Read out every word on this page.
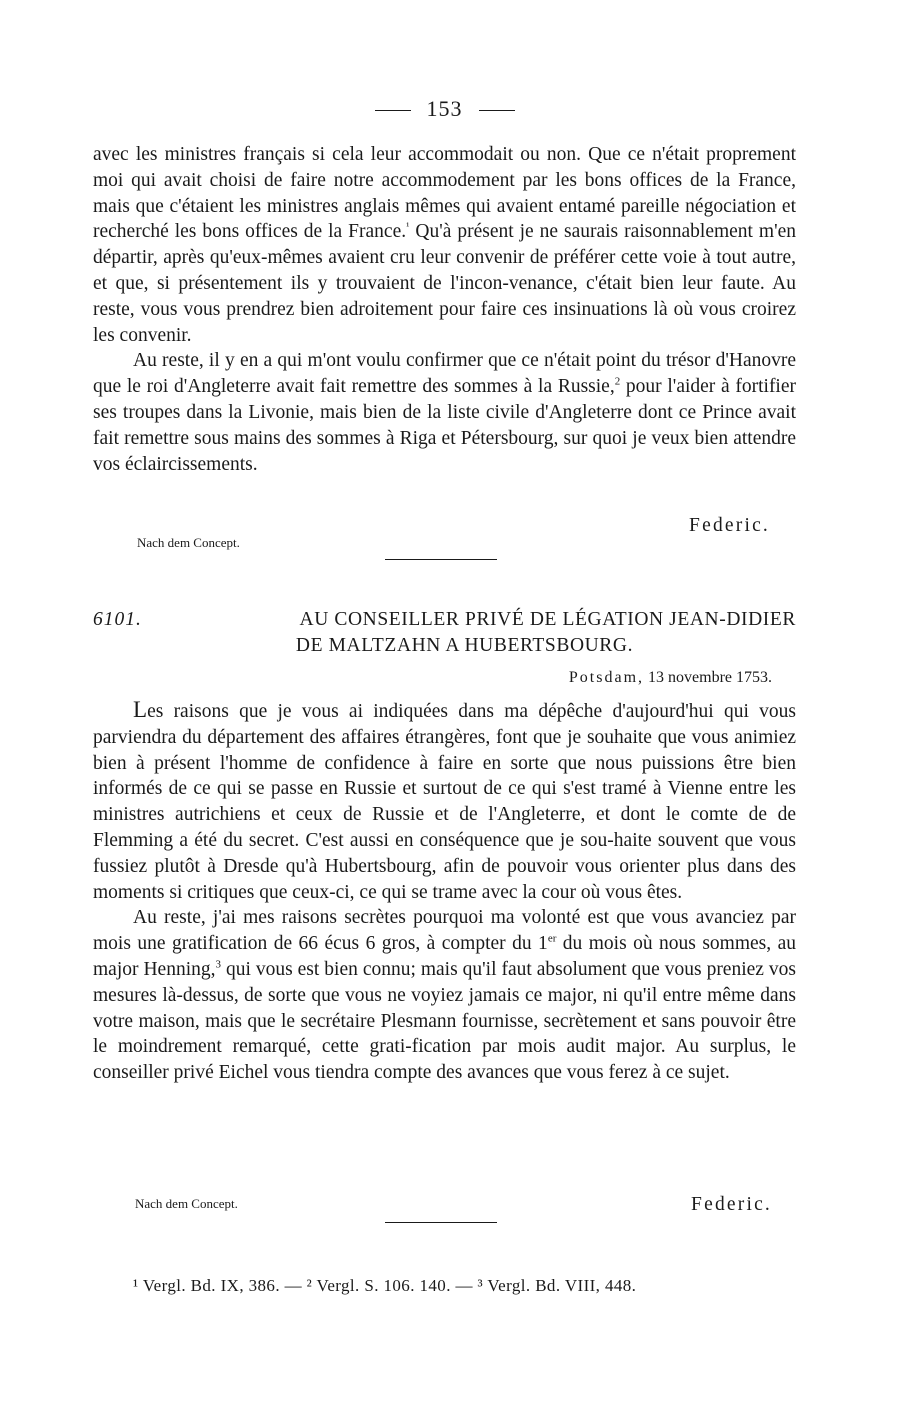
153

avec les ministres français si cela leur accommodait ou non. Que ce n'était proprement moi qui avait choisi de faire notre accommodement par les bons offices de la France, mais que c'étaient les ministres anglais mêmes qui avaient entamé pareille négociation et recherché les bons offices de la France.$^{^1}$ Qu'à présent je ne saurais raisonnablement m'en départir, après qu'eux-mêmes avaient cru leur convenir de préférer cette voie à tout autre, et que, si présentement ils y trouvaient de l'incon-venance, c'était bien leur faute. Au reste, vous vous prendrez bien adroitement pour faire ces insinuations là où vous croirez les convenir.

Au reste, il y en a qui m'ont voulu confirmer que ce n'était point du trésor d'Hanovre que le roi d'Angleterre avait fait remettre des sommes à la Russie,$^2$ pour l'aider à fortifier ses troupes dans la Livonie, mais bien de la liste civile d'Angleterre dont ce Prince avait fait remettre sous mains des sommes à Riga et Pétersbourg, sur quoi je veux bien attendre vos éclaircissements.

Federic.
Nach dem Concept.
6101.	AU CONSEILLER PRIVÉ DE LÉGATION JEAN-DIDIER
DE MALTZAHN A HUBERTSBOURG.
Potsdam, 13 novembre 1753.

Les raisons que je vous ai indiquées dans ma dépêche d'aujourd'hui qui vous parviendra du département des affaires étrangères, font que je souhaite que vous animiez bien à présent l'homme de confidence à faire en sorte que nous puissions être bien informés de ce qui se passe en Russie et surtout de ce qui s'est tramé à Vienne entre les ministres autrichiens et ceux de Russie et de l'Angleterre, et dont le comte de de Flemming a été du secret. C'est aussi en conséquence que je sou-haite souvent que vous fussiez plutôt à Dresde qu'à Hubertsbourg, afin de pouvoir vous orienter plus dans des moments si critiques que ceux-ci, ce qui se trame avec la cour où vous êtes.

Au reste, j'ai mes raisons secrètes pourquoi ma volonté est que vous avanciez par mois une gratification de 66 écus 6 gros, à compter du 1er du mois où nous sommes, au major Henning,$^3$ qui vous est bien connu; mais qu'il faut absolument que vous preniez vos mesures là-dessus, de sorte que vous ne voyiez jamais ce major, ni qu'il entre même dans votre maison, mais que le secrétaire Plesmann fournisse, secrètement et sans pouvoir être le moindrement remarqué, cette grati-fication par mois audit major. Au surplus, le conseiller privé Eichel vous tiendra compte des avances que vous ferez à ce sujet.

Nach dem Concept.	Federic.
¹ Vergl. Bd. IX, 386. — ² Vergl. S. 106. 140. — ³ Vergl. Bd. VIII, 448.
